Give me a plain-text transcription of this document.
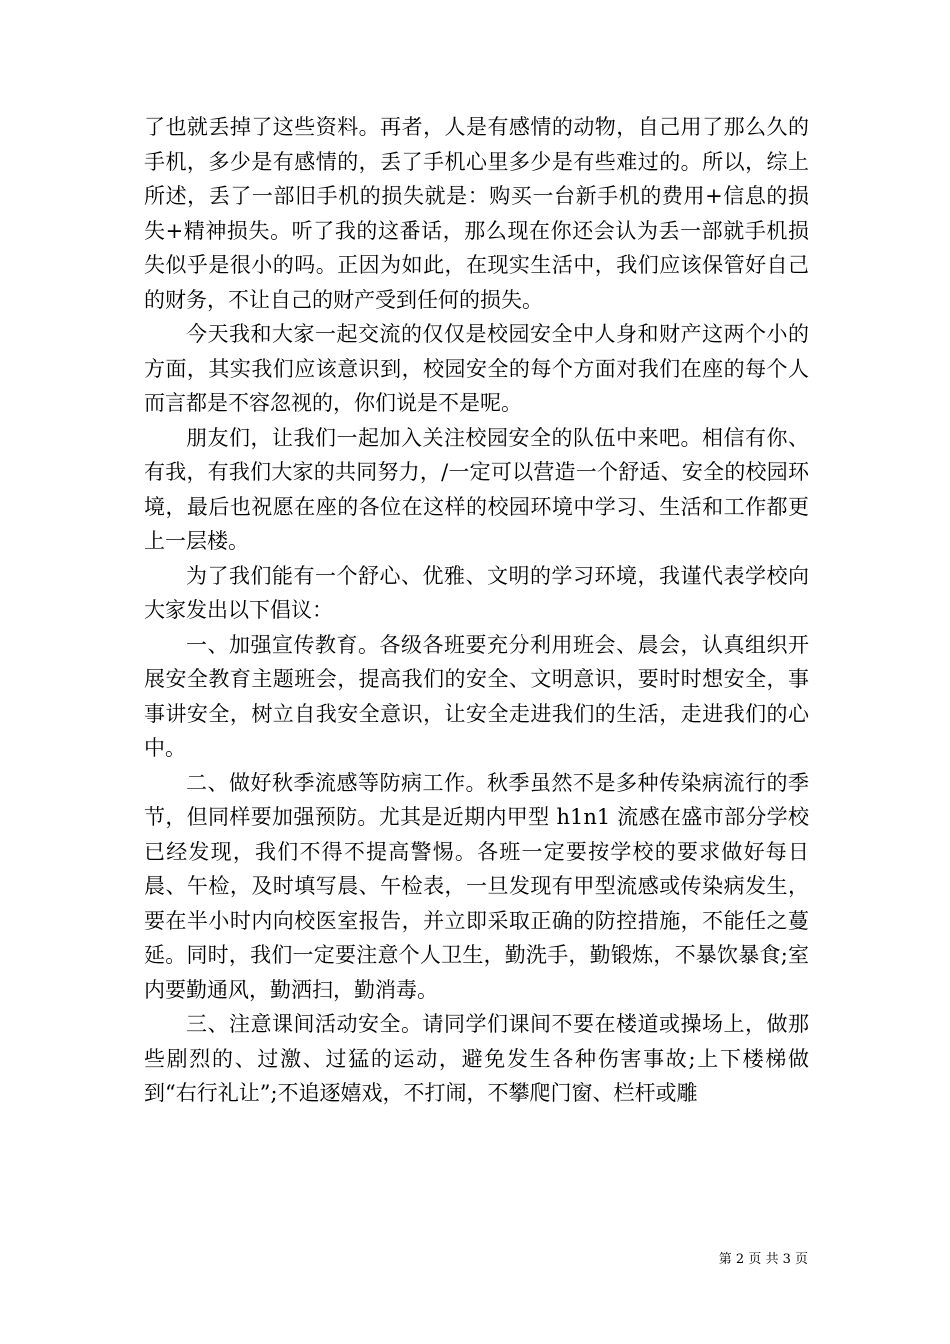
了也就丢掉了这些资料。再者，人是有感情的动物，自己用了那么久的手机，多少是有感情的，丢了手机心里多少是有些难过的。所以，综上所述，丢了一部旧手机的损失就是：购买一台新手机的费用+信息的损失+精神损失。听了我的这番话，那么现在你还会认为丢一部就手机损失似乎是很小的吗。正因为如此，在现实生活中，我们应该保管好自己的财务，不让自己的财产受到任何的损失。

今天我和大家一起交流的仅仅是校园安全中人身和财产这两个小的方面，其实我们应该意识到，校园安全的每个方面对我们在座的每个人而言都是不容忽视的，你们说是不是呢。

朋友们，让我们一起加入关注校园安全的队伍中来吧。相信有你、有我，有我们大家的共同努力，/一定可以营造一个舒适、安全的校园环境，最后也祝愿在座的各位在这样的校园环境中学习、生活和工作都更上一层楼。

为了我们能有一个舒心、优雅、文明的学习环境，我谨代表学校向大家发出以下倡议：

一、加强宣传教育。各级各班要充分利用班会、晨会，认真组织开展安全教育主题班会，提高我们的安全、文明意识，要时时想安全，事事讲安全，树立自我安全意识，让安全走进我们的生活，走进我们的心中。

二、做好秋季流感等防病工作。秋季虽然不是多种传染病流行的季节，但同样要加强预防。尤其是近期内甲型 h1n1 流感在盛市部分学校已经发现，我们不得不提高警惕。各班一定要按学校的要求做好每日晨、午检，及时填写晨、午检表，一旦发现有甲型流感或传染病发生，要在半小时内向校医室报告，并立即采取正确的防控措施，不能任之蔓延。同时，我们一定要注意个人卫生，勤洗手，勤锻炼，不暴饮暴食;室内要勤通风，勤洒扫，勤消毒。

三、注意课间活动安全。请同学们课间不要在楼道或操场上，做那些剧烈的、过激、过猛的运动，避免发生各种伤害事故;上下楼梯做到“右行礼让”;不追逐嬉戏，不打闹，不攀爬门窗、栏杆或雕

第 2 页 共 3 页
